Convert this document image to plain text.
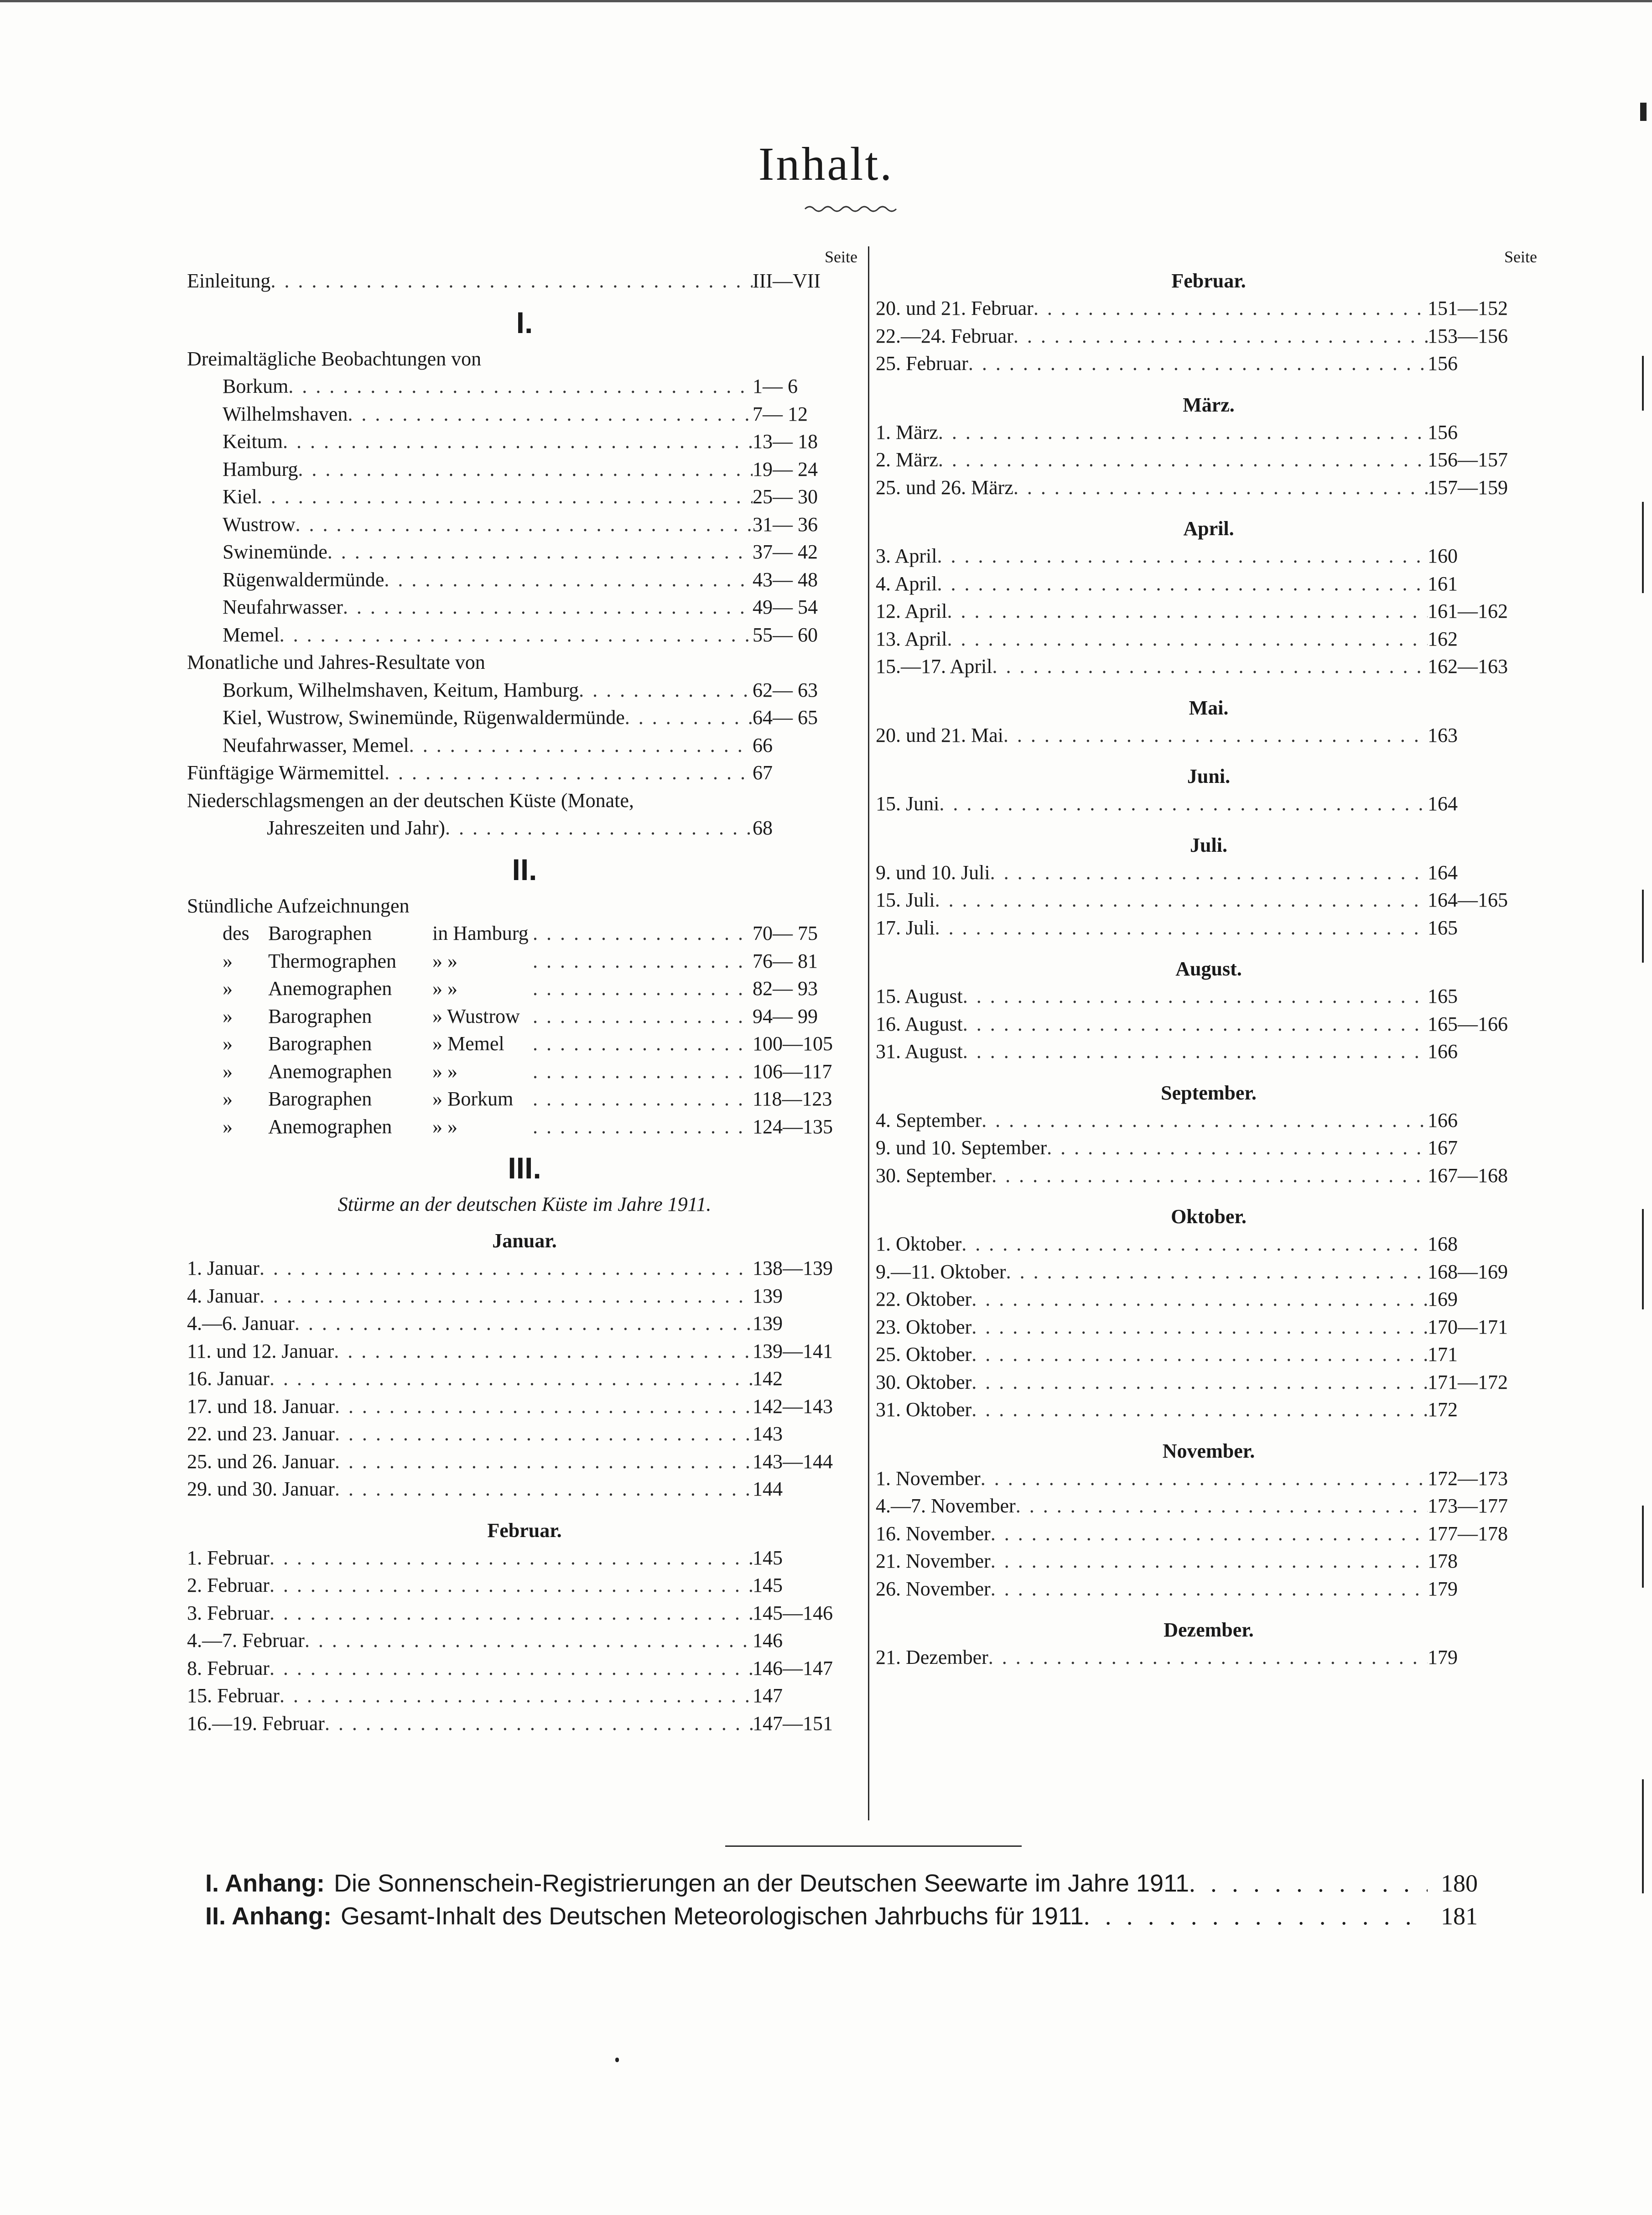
Inhalt.
Seite
Einleitung . . .	III—VII
I.
Dreimaltägliche Beobachtungen von
Borkum . . .	1— 6
Wilhelmshaven . . .	7— 12
Keitum . . .	13— 18
Hamburg . . .	19— 24
Kiel . . .	25— 30
Wustrow . . .	31— 36
Swinemünde . . .	37— 42
Rügenwaldermünde . . .	43— 48
Neufahrwasser . . .	49— 54
Memel . . .	55— 60
Monatliche und Jahres-Resultate von
Borkum, Wilhelmshaven, Keitum, Hamburg . . .	62— 63
Kiel, Wustrow, Swinemünde, Rügenwaldermünde . . .	64— 65
Neufahrwasser, Memel . . .	66
Fünftägige Wärmemittel . . .	67
Niederschlagsmengen an der deutschen Küste (Monate,
Jahreszeiten und Jahr) . . .	68
II.
Stündliche Aufzeichnungen
des Barographen	in Hamburg . . .	70— 75
» Thermographen » » . . .	76— 81
» Anemographen » » . . .	82— 93
» Barographen	» Wustrow . . .	94— 99
» Barographen	» Memel . . .	100—105
» Anemographen » » . . .	106—117
» Barographen	» Borkum . . .	118—123
» Anemographen » » . . .	124—135
III.
Stürme an der deutschen Küste im Jahre 1911.
Januar.
1. Januar . . .	138—139
4. Januar . . .	139
4.—6. Januar . . .	139
11. und 12. Januar . . .	139—141
16. Januar . . .	142
17. und 18. Januar . . .	142—143
22. und 23. Januar . . .	143
25. und 26. Januar . . .	143—144
29. und 30. Januar . . .	144
Februar.
1. Februar . . .	145
2. Februar . . .	145
3. Februar . . .	145—146
4.—7. Februar . . .	146
8. Februar . . .	146—147
15. Februar . . .	147
16.—19. Februar . . .	147—151
Seite
Februar.
20. und 21. Februar . . .	151—152
22.—24. Februar . . .	153—156
25. Februar . . .	156
März.
1. März . . .	156
2. März . . .	156—157
25. und 26. März . . .	157—159
April.
3. April . . .	160
4. April . . .	161
12. April . . .	161—162
13. April . . .	162
15.—17. April . . .	162—163
Mai.
20. und 21. Mai . . .	163
Juni.
15. Juni . . .	164
Juli.
9. und 10. Juli . . .	164
15. Juli . . .	164—165
17. Juli . . .	165
August.
15. August . . .	165
16. August . . .	165—166
31. August . . .	166
September.
4. September . . .	166
9. und 10. September . . .	167
30. September . . .	167—168
Oktober.
1. Oktober . . .	168
9.—11. Oktober . . .	168—169
22. Oktober . . .	169
23. Oktober . . .	170—171
25. Oktober . . .	171
30. Oktober . . .	171—172
31. Oktober . . .	172
November.
1. November . . .	172—173
4.—7. November . . .	173—177
16. November . . .	177—178
21. November . . .	178
26. November . . .	179
Dezember.
21. Dezember . . .	179
I. Anhang: Die Sonnenschein-Registrierungen an der Deutschen Seewarte im Jahre 1911 . . .	180
II. Anhang: Gesamt-Inhalt des Deutschen Meteorologischen Jahrbuchs für 1911 . . .	181
